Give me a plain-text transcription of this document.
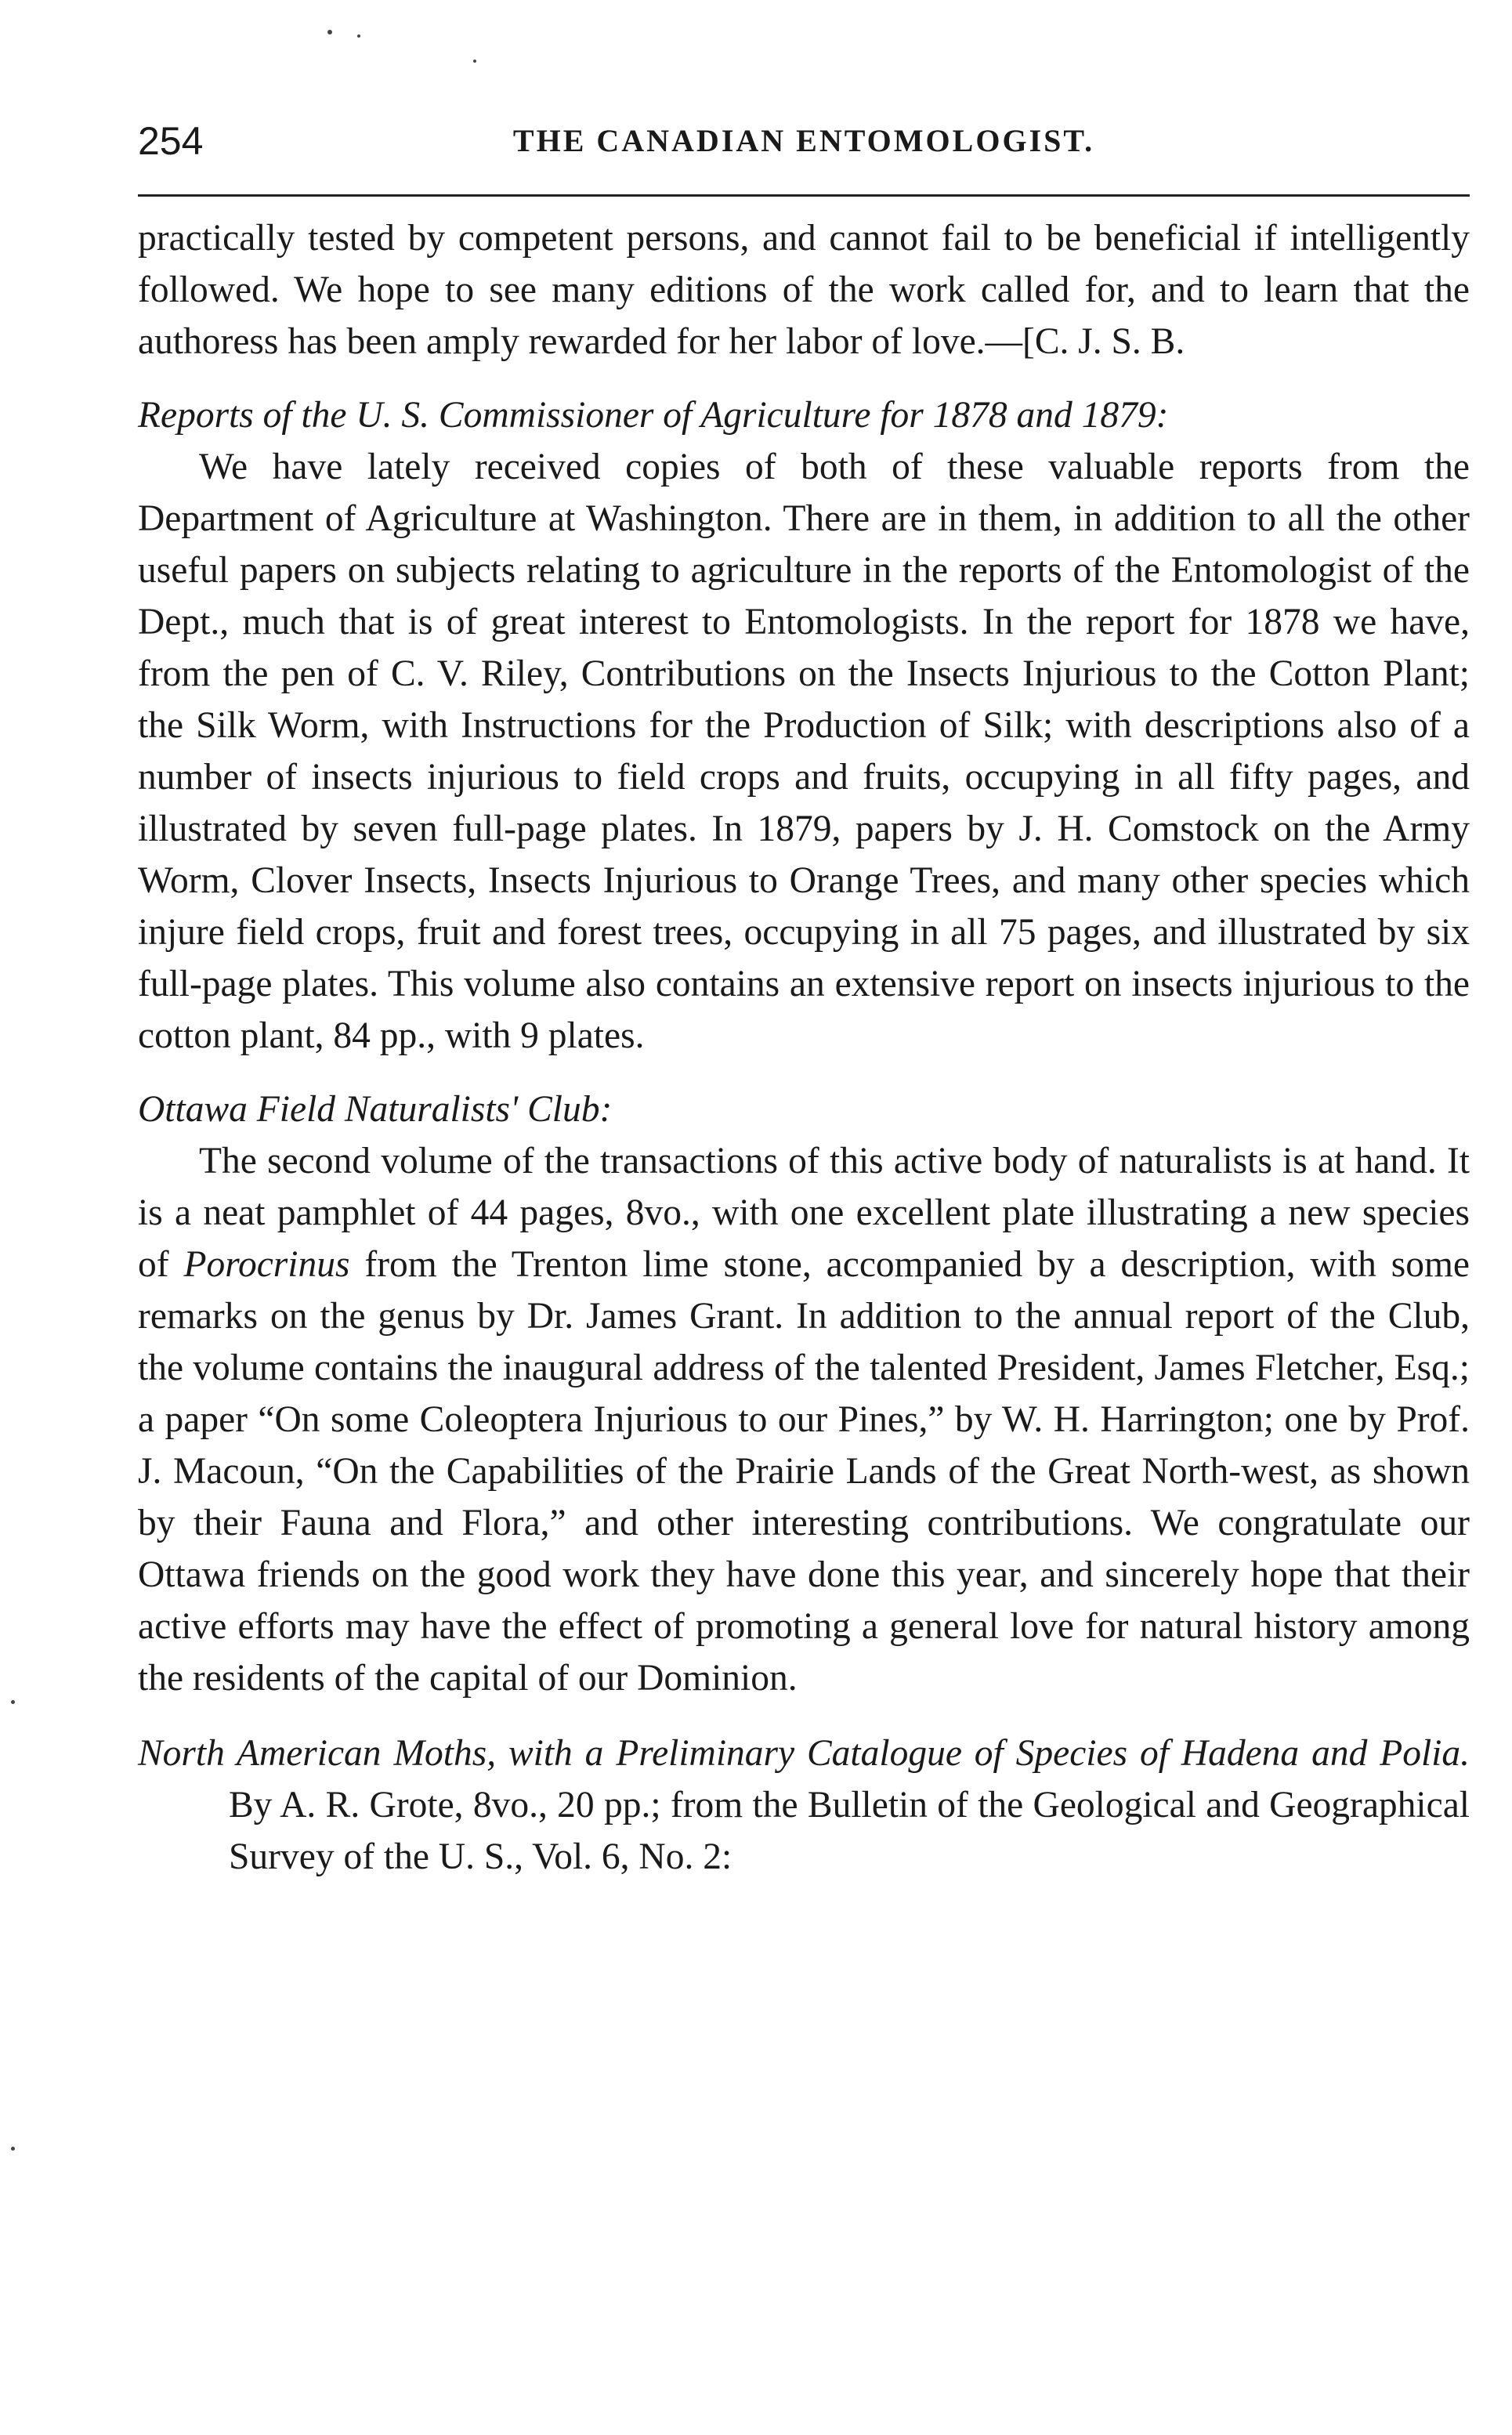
254	THE CANADIAN ENTOMOLOGIST.

practically tested by competent persons, and cannot fail to be beneficial if intelligently followed. We hope to see many editions of the work called for, and to learn that the authoress has been amply rewarded for her labor of love.—[C. J. S. B.

Reports of the U. S. Commissioner of Agriculture for 1878 and 1879:

We have lately received copies of both of these valuable reports from the Department of Agriculture at Washington. There are in them, in addition to all the other useful papers on subjects relating to agriculture in the reports of the Entomologist of the Dept., much that is of great interest to Entomologists. In the report for 1878 we have, from the pen of C. V. Riley, Contributions on the Insects Injurious to the Cotton Plant; the Silk Worm, with Instructions for the Production of Silk; with descriptions also of a number of insects injurious to field crops and fruits, occupying in all fifty pages, and illustrated by seven full-page plates. In 1879, papers by J. H. Comstock on the Army Worm, Clover Insects, Insects Injurious to Orange Trees, and many other species which injure field crops, fruit and forest trees, occupying in all 75 pages, and illustrated by six full-page plates. This volume also contains an extensive report on insects injurious to the cotton plant, 84 pp., with 9 plates.

Ottawa Field Naturalists' Club:

The second volume of the transactions of this active body of naturalists is at hand. It is a neat pamphlet of 44 pages, 8vo., with one excellent plate illustrating a new species of Porocrinus from the Trenton lime stone, accompanied by a description, with some remarks on the genus by Dr. James Grant. In addition to the annual report of the Club, the volume contains the inaugural address of the talented President, James Fletcher, Esq.; a paper “On some Coleoptera Injurious to our Pines,” by W. H. Harrington; one by Prof. J. Macoun, “On the Capabilities of the Prairie Lands of the Great North-west, as shown by their Fauna and Flora,” and other interesting contributions. We congratulate our Ottawa friends on the good work they have done this year, and sincerely hope that their active efforts may have the effect of promoting a general love for natural history among the residents of the capital of our Dominion.

North American Moths, with a Preliminary Catalogue of Species of Hadena and Polia. By A. R. Grote, 8vo., 20 pp.; from the Bulletin of the Geological and Geographical Survey of the U. S., Vol. 6, No. 2:
